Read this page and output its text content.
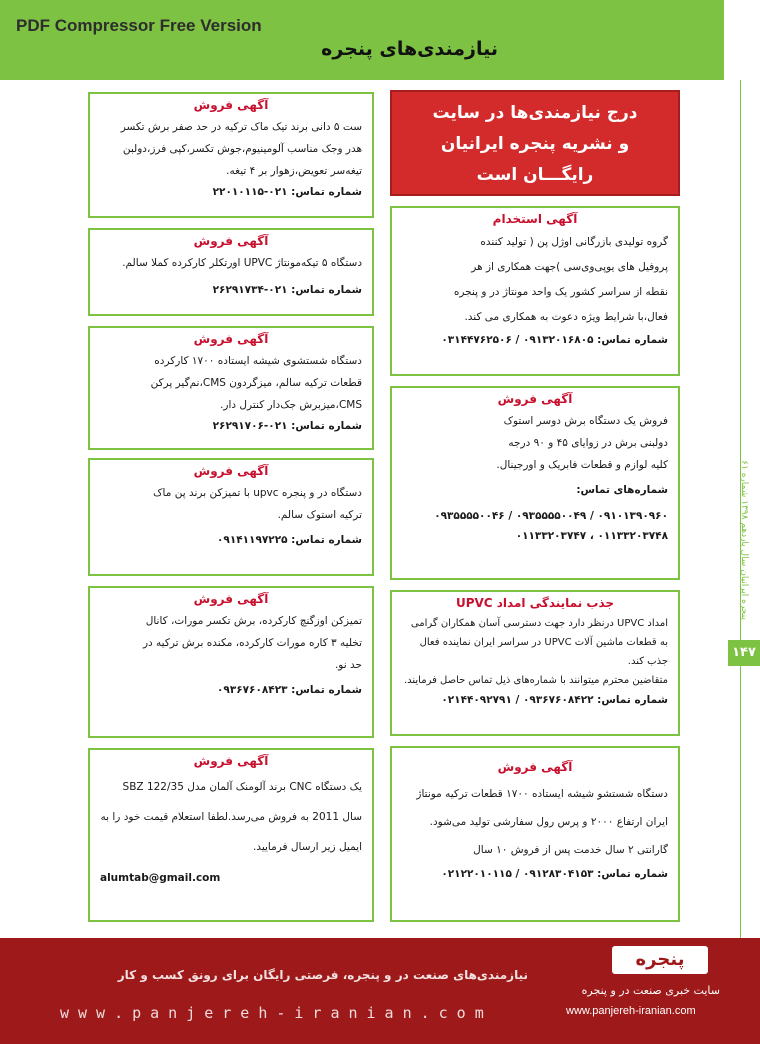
PDF Compressor Free Version
نیازمندی‌های پنجره
پنجره ایرانیان سال یازدهم ۱۳۹۸ شماره ۶۱
۱۴۷
درج نیازمندی‌ها در سایت
و نشریه پنجره ایرانیان
رایگـــان است
آگهی فروش
ست ۵ دانی برند تیک ماک ترکیه در حد صفر برش تکسر
هدر وجک مناسب آلومینیوم،جوش تکسر،کپی فرز،دولبن
تیغه‌سر تعویض،زهوار بر ۴ تیغه.
شماره تماس: ۰۲۱-۲۲۰۱۰۱۱۵
آگهی فروش
دستگاه ۵ تیکه‌مونتاژ UPVC اورتکلر کارکرده کملا سالم.
شماره تماس: ۰۲۱-۲۶۲۹۱۷۳۴
آگهی فروش
دستگاه شستشوی شیشه ایستاده ۱۷۰۰ کارکرده
قطعات ترکیه سالم، میزگردون CMS،نم‌گیر پرکن
CMS،میزبرش جک‌دار کنترل دار.
شماره تماس: ۰۲۱-۲۶۲۹۱۷۰۶
آگهی فروش
دستگاه در و پنجره upvc با تمیزکن برند پن ماک
ترکیه استوک سالم.
شماره تماس: ۰۹۱۴۱۱۹۷۲۲۵
آگهی فروش
تمیزکن اوزگنچ کارکرده، برش تکسر مورات، کانال
تخلیه ۳ کاره مورات کارکرده، مکنده برش ترکیه در
حد نو.
شماره تماس: ۰۹۳۶۷۶۰۸۴۲۳
آگهی فروش
یک دستگاه CNC برند آلومنک آلمان مدل SBZ 122/35
سال 2011 به فروش می‌رسد.لطفا استعلام قیمت خود را به
ایمیل زیر ارسال فرمایید.
alumtab@gmail.com
آگهی استخدام
گروه تولیدی بازرگانی اوژل پن ( تولید کننده
پروفیل های یو‌پی‌وی‌سی )جهت همکاری از هر
نقطه از سراسر کشور یک واحد مونتاژ در و پنجره
فعال،با شرایط ویژه دعوت به همکاری می کند.
شماره تماس: ۰۹۱۳۲۰۱۶۸۰۵ / ۰۳۱۴۴۷۶۲۵۰۶
آگهی فروش
فروش یک دستگاه برش دوسر استوک
دولبنی برش در زوایای ۴۵ و ۹۰ درجه
کلیه لوازم و قطعات فابریک و اورجینال.
شماره‌های تماس:
۰۹۱۰۱۳۹۰۹۶۰ / ۰۹۳۵۵۵۵۰۰۴۹ / ۰۹۳۵۵۵۵۰۰۴۶
۰۱۱۳۳۲۰۳۷۴۸ ، ۰۱۱۳۳۲۰۳۷۴۷
جذب نمایندگی امداد UPVC
امداد UPVC درنظر دارد جهت دسترسی آسان همکاران گرامی
به قطعات ماشین آلات UPVC در سراسر ایران نماینده فعال
جذب کند.
متقاضین محترم میتوانند با شماره‌های ذیل تماس حاصل فرمایند.
شماره تماس: ۰۹۳۶۷۶۰۸۴۲۲ / ۰۲۱۴۴۰۹۲۷۹۱
آگهی فروش
دستگاه شستشو شیشه ایستاده ۱۷۰۰ قطعات ترکیه مونتاژ
ایران ارتفاع ۲۰۰۰ و پرس رول سفارشی تولید می‌شود.
گارانتی ۲ سال خدمت پس از فروش ۱۰ سال
شماره تماس: ۰۹۱۲۸۳۰۴۱۵۳ / ۰۲۱۲۲۰۱۰۱۱۵
نیازمندی‌های صنعت در و پنجره، فرصتی رایگان برای رونق کسب و کار
www.panjereh-iranian.com
پنجره
سایت خبری صنعت در و پنجره
www.panjereh-iranian.com
